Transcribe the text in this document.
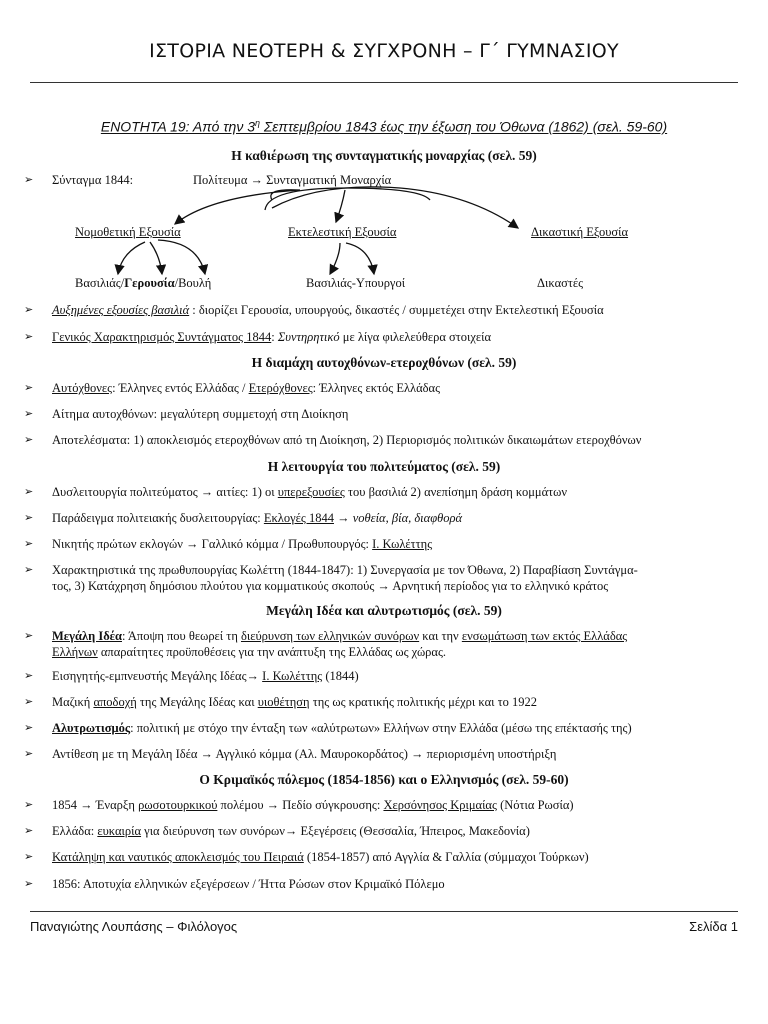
ΙΣΤΟΡΙΑ ΝΕΟΤΕΡΗ & ΣΥΓΧΡΟΝΗ – Γ΄ ΓΥΜΝΑΣΙΟΥ
ΕΝΟΤΗΤΑ 19: Από την $3^\eta$ Σεπτεμβρίου 1843 έως την έξωση του Όθωνα (1862) (σελ. 59-60)
Η καθιέρωση της συνταγματικής μοναρχίας (σελ. 59)
➢ Σύνταγμα 1844:	Πολίτευμα → Συνταγματική Μοναρχία
Νομοθετική Εξουσία	Εκτελεστική Εξουσία	Δικαστική Εξουσία
Βασιλιάς/Γερουσία/Βουλή	Βασιλιάς-Υπουργοί	Δικαστές
➢ Αυξημένες εξουσίες βασιλιά : διορίζει Γερουσία, υπουργούς, δικαστές / συμμετέχει στην Εκτελεστική Εξουσία
➢ Γενικός Χαρακτηρισμός Συντάγματος 1844: Συντηρητικό με λίγα φιλελεύθερα στοιχεία
Η διαμάχη αυτοχθόνων-ετεροχθόνων (σελ. 59)
➢ Αυτόχθονες: Έλληνες εντός Ελλάδας / Ετερόχθονες: Έλληνες εκτός Ελλάδας
➢ Αίτημα αυτοχθόνων: μεγαλύτερη συμμετοχή στη Διοίκηση
➢ Αποτελέσματα: 1) αποκλεισμός ετεροχθόνων από τη Διοίκηση, 2) Περιορισμός πολιτικών δικαιωμάτων ετεροχθόνων
Η λειτουργία του πολιτεύματος (σελ. 59)
➢ Δυσλειτουργία πολιτεύματος → αιτίες: 1) οι υπερεξουσίες του βασιλιά 2) ανεπίσημη δράση κομμάτων
➢ Παράδειγμα πολιτειακής δυσλειτουργίας: Εκλογές 1844 → νοθεία, βία, διαφθορά
➢ Νικητής πρώτων εκλογών → Γαλλικό κόμμα / Πρωθυπουργός: Ι. Κωλέττης
➢ Χαρακτηριστικά της πρωθυπουργίας Κωλέττη (1844-1847): 1) Συνεργασία με τον Όθωνα, 2) Παραβίαση Συντάγμα-
τος, 3) Κατάχρηση δημόσιου πλούτου για κομματικούς σκοπούς → Αρνητική περίοδος για το ελληνικό κράτος
Μεγάλη Ιδέα και αλυτρωτισμός (σελ. 59)
➢ Μεγάλη Ιδέα: Άποψη που θεωρεί τη διεύρυνση των ελληνικών συνόρων και την ενσωμάτωση των εκτός Ελλάδας
Ελλήνων απαραίτητες προϋποθέσεις για την ανάπτυξη της Ελλάδας ως χώρας.
➢ Εισηγητής-εμπνευστής Μεγάλης Ιδέας→ Ι. Κωλέττης (1844)
➢ Μαζική αποδοχή της Μεγάλης Ιδέας και υιοθέτηση της ως κρατικής πολιτικής μέχρι και το 1922
➢ Αλυτρωτισμός: πολιτική με στόχο την ένταξη των «αλύτρωτων» Ελλήνων στην Ελλάδα (μέσω της επέκτασής της)
➢ Αντίθεση με τη Μεγάλη Ιδέα → Αγγλικό κόμμα (Αλ. Μαυροκορδάτος) → περιορισμένη υποστήριξη
Ο Κριμαϊκός πόλεμος (1854-1856) και ο Ελληνισμός (σελ. 59-60)
➢ 1854 → Έναρξη ρωσοτουρκικού πολέμου → Πεδίο σύγκρουσης: Χερσόνησος Κριμαίας (Νότια Ρωσία)
➢ Ελλάδα: ευκαιρία για διεύρυνση των συνόρων→ Εξεγέρσεις (Θεσσαλία, Ήπειρος, Μακεδονία)
➢ Κατάληψη και ναυτικός αποκλεισμός του Πειραιά (1854-1857) από Αγγλία & Γαλλία (σύμμαχοι Τούρκων)
➢ 1856: Αποτυχία ελληνικών εξεγέρσεων / Ήττα Ρώσων στον Κριμαϊκό Πόλεμο
Παναγιώτης Λουπάσης – Φιλόλογος	Σελίδα 1
